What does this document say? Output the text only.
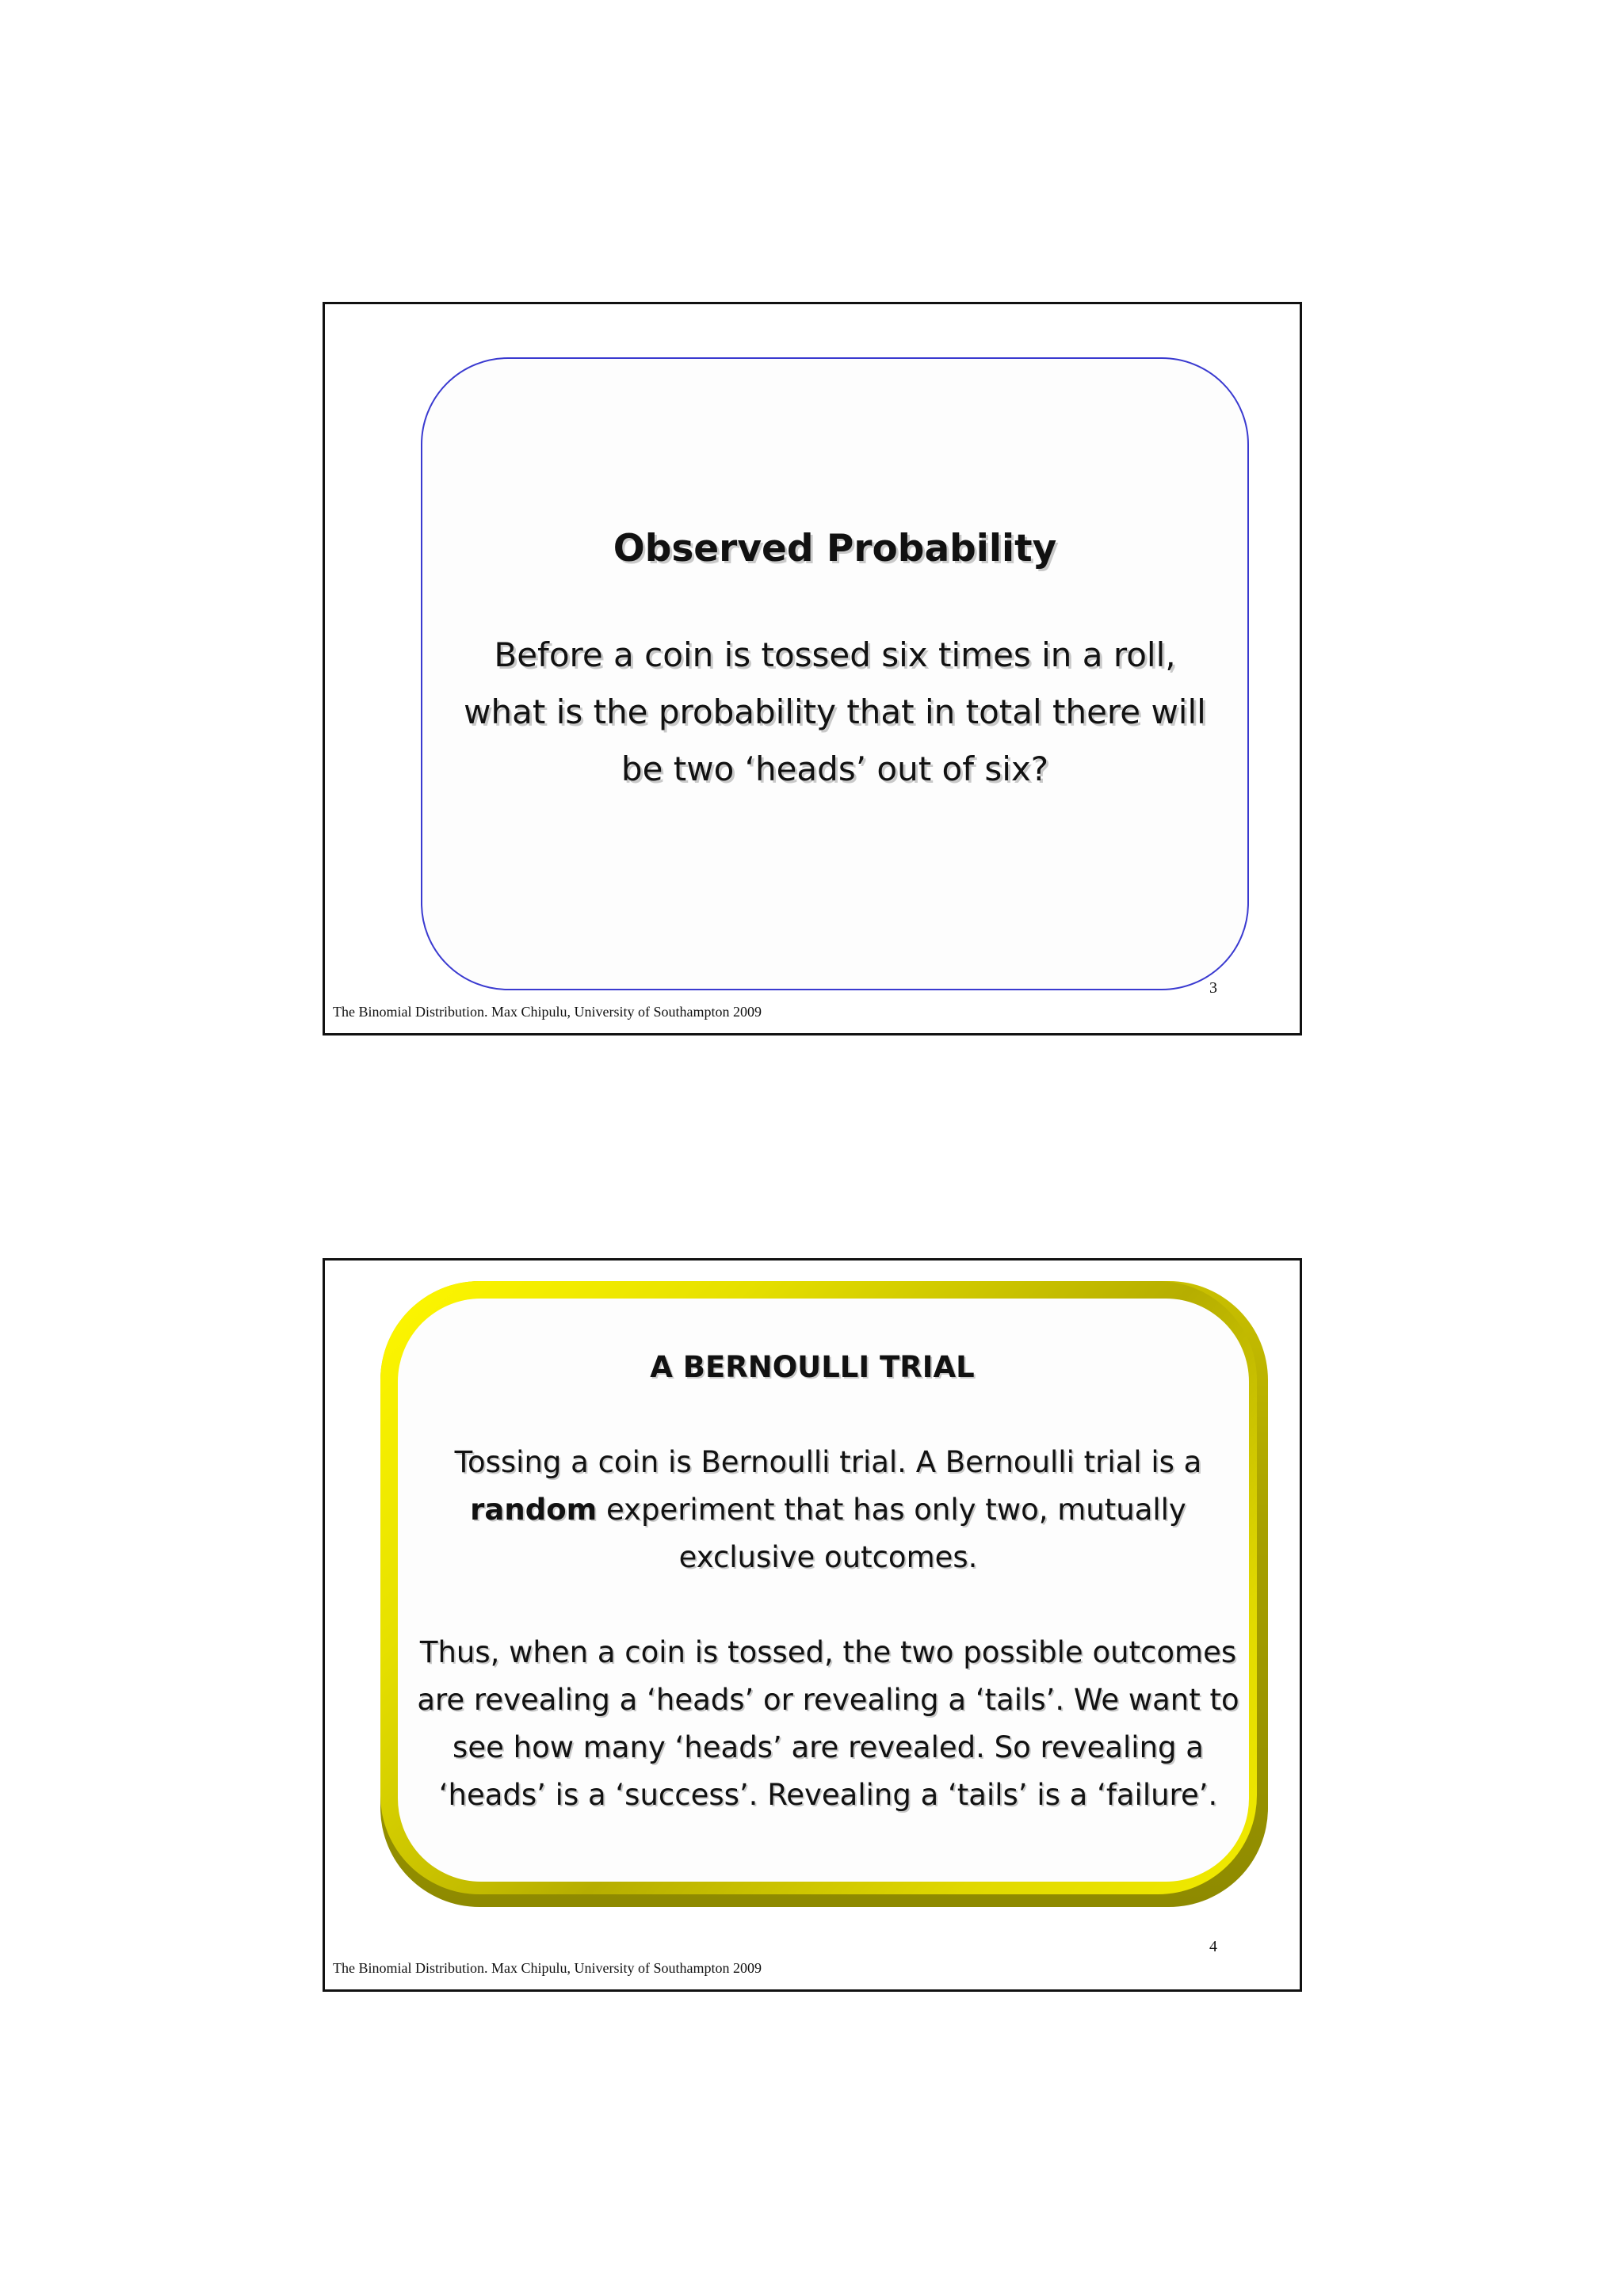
Observed Probability
Before a coin is tossed six times in a roll,
what is the probability that in total there will
be two ‘heads’ out of six?
3
The Binomial Distribution. Max Chipulu, University of Southampton 2009
A BERNOULLI TRIAL
Tossing a coin is Bernoulli trial. A Bernoulli trial is a
random experiment that has only two, mutually
exclusive outcomes.
Thus, when a coin is tossed, the two possible outcomes
are revealing a ‘heads’ or revealing a ‘tails’. We want to
see how many ‘heads’ are revealed. So revealing a
‘heads’ is a ‘success’. Revealing a ‘tails’ is a ‘failure’.
4
The Binomial Distribution. Max Chipulu, University of Southampton 2009
